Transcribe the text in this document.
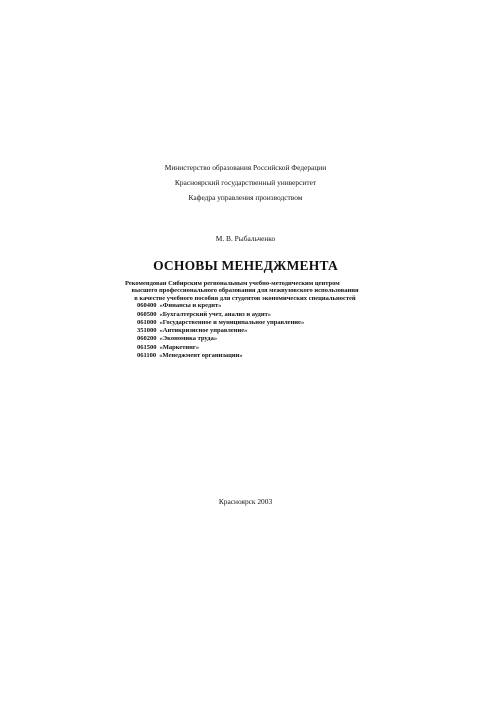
Министерство образования Российской Федерации
Красноярский государственный университет
Кафедра управления производством
М. В. Рыбальченко
ОСНОВЫ МЕНЕДЖМЕНТА
Рекомендован Сибирским региональным учебно-методическим центром
высшего профессионального образования для межвузовского использования
в качестве учебного пособия для студентов экономических специальностей
060400 «Финансы и кредит»
060500 «Бухгалтерский учет, анализ и аудит»
061000 «Государственное и муниципальное управление»
351000 «Антикризисное управление»
060200 «Экономика труда»
061500 «Маркетинг»
061100 «Менеджмент организации»
Красноярск 2003
